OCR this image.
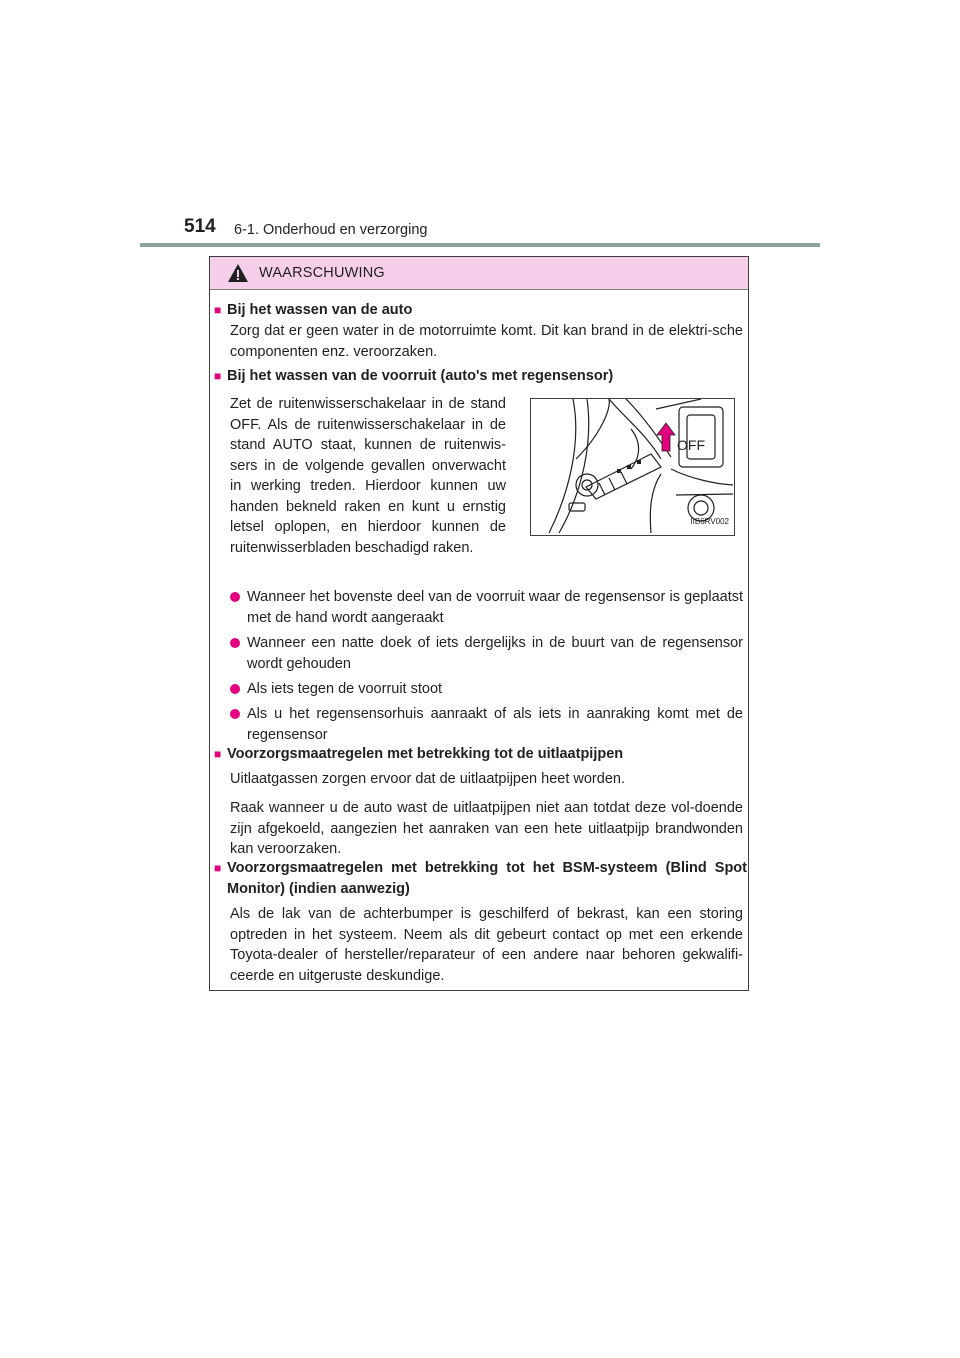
514 6-1. Onderhoud en verzorging
WAARSCHUWING
■ Bij het wassen van de auto
Zorg dat er geen water in de motorruimte komt. Dit kan brand in de elektri-sche componenten enz. veroorzaken.
■ Bij het wassen van de voorruit (auto's met regensensor)
Zet de ruitenwisserschakelaar in de stand OFF. Als de ruitenwisserschakelaar in de stand AUTO staat, kunnen de ruitenwis-sers in de volgende gevallen onverwacht in werking treden. Hierdoor kunnen uw handen bekneld raken en kunt u ernstig letsel oplopen, en hierdoor kunnen de ruitenwisserbladen beschadigd raken.
OFF
IIB6RV002
Wanneer het bovenste deel van de voorruit waar de regensensor is geplaatst met de hand wordt aangeraakt
Wanneer een natte doek of iets dergelijks in de buurt van de regensensor wordt gehouden
Als iets tegen de voorruit stoot
Als u het regensensorhuis aanraakt of als iets in aanraking komt met de regensensor
■ Voorzorgsmaatregelen met betrekking tot de uitlaatpijpen
Uitlaatgassen zorgen ervoor dat de uitlaatpijpen heet worden.
Raak wanneer u de auto wast de uitlaatpijpen niet aan totdat deze vol-doende zijn afgekoeld, aangezien het aanraken van een hete uitlaatpijp brandwonden kan veroorzaken.
■ Voorzorgsmaatregelen met betrekking tot het BSM-systeem (Blind Spot Monitor) (indien aanwezig)
Als de lak van de achterbumper is geschilferd of bekrast, kan een storing optreden in het systeem. Neem als dit gebeurt contact op met een erkende Toyota-dealer of hersteller/reparateur of een andere naar behoren gekwalifi-ceerde en uitgeruste deskundige.
